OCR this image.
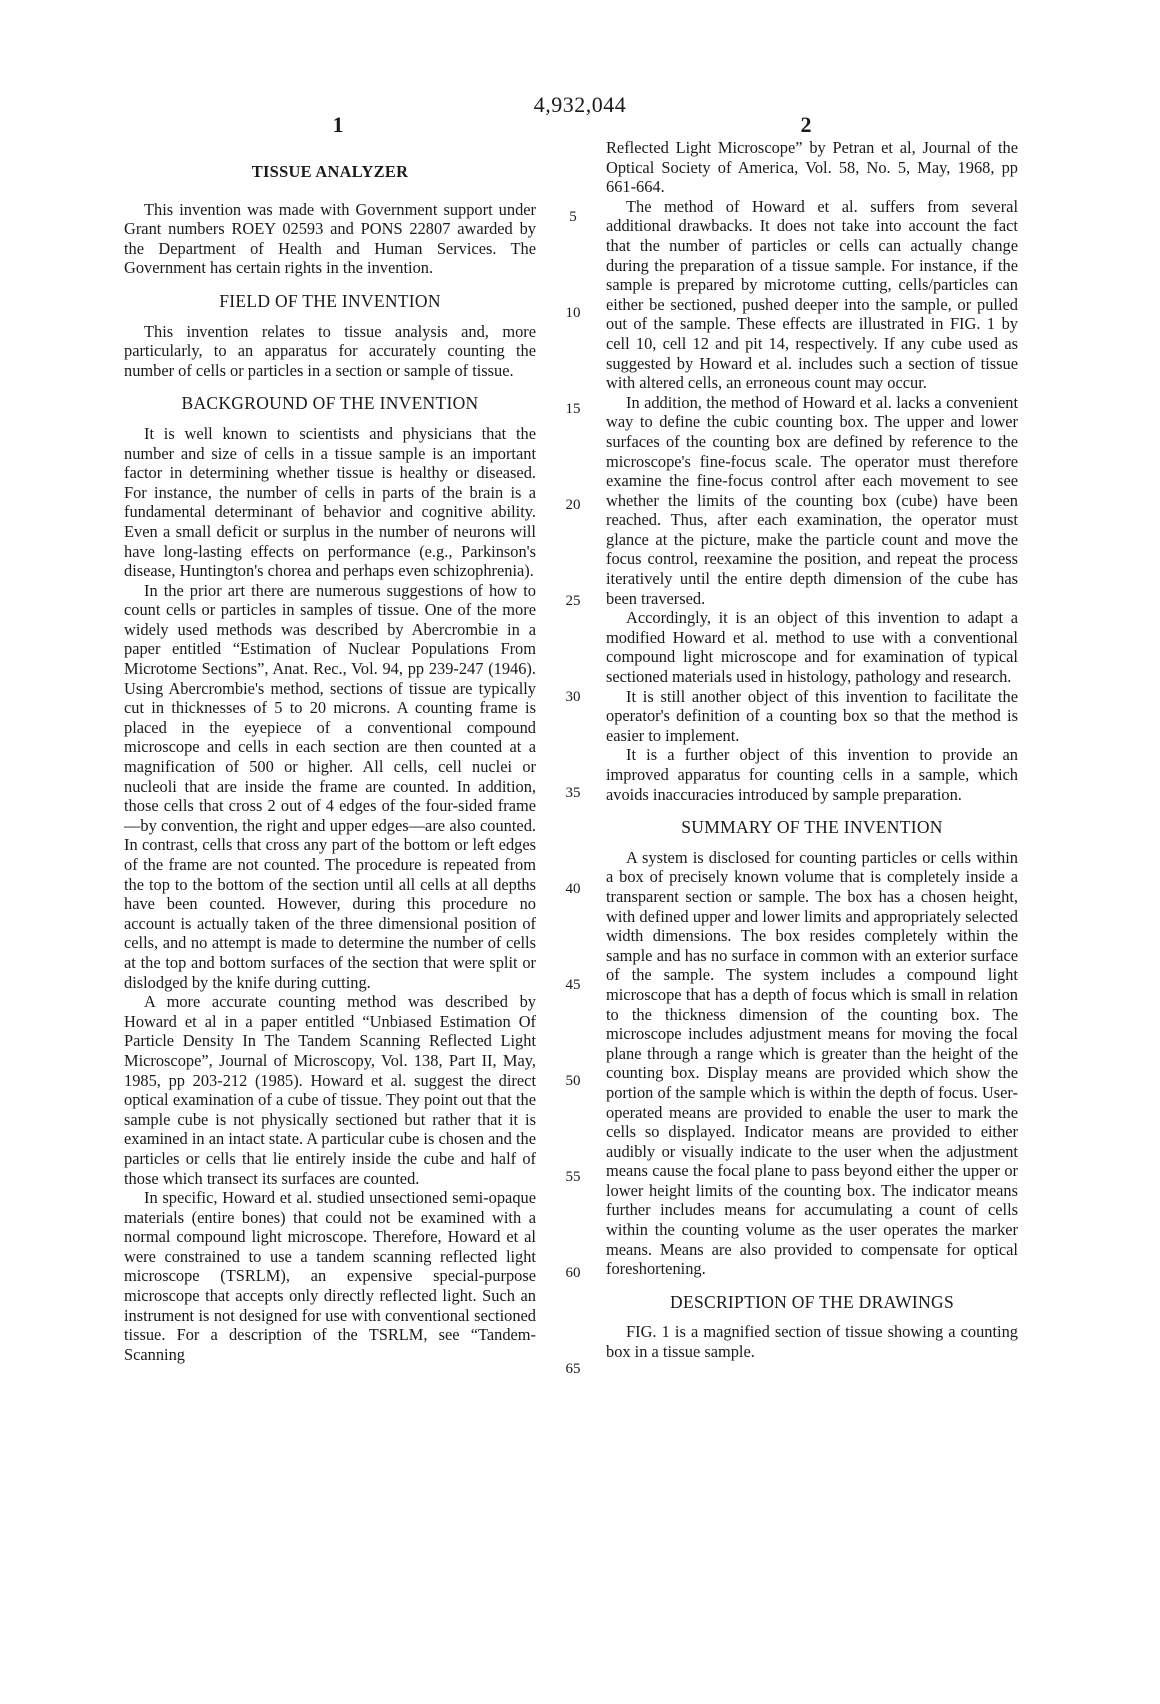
4,932,044
1	2
TISSUE ANALYZER

This invention was made with Government support under Grant numbers ROEY 02593 and PONS 22807 awarded by the Department of Health and Human Services. The Government has certain rights in the invention.

FIELD OF THE INVENTION

This invention relates to tissue analysis and, more particularly, to an apparatus for accurately counting the number of cells or particles in a section or sample of tissue.

BACKGROUND OF THE INVENTION

It is well known to scientists and physicians that the number and size of cells in a tissue sample is an important factor in determining whether tissue is healthy or diseased. For instance, the number of cells in parts of the brain is a fundamental determinant of behavior and cognitive ability. Even a small deficit or surplus in the number of neurons will have long-lasting effects on performance (e.g., Parkinson's disease, Huntington's chorea and perhaps even schizophrenia).

In the prior art there are numerous suggestions of how to count cells or particles in samples of tissue. One of the more widely used methods was described by Abercrombie in a paper entitled “Estimation of Nuclear Populations From Microtome Sections”, Anat. Rec., Vol. 94, pp 239-247 (1946). Using Abercrombie's method, sections of tissue are typically cut in thicknesses of 5 to 20 microns. A counting frame is placed in the eyepiece of a conventional compound microscope and cells in each section are then counted at a magnification of 500 or higher. All cells, cell nuclei or nucleoli that are inside the frame are counted. In addition, those cells that cross 2 out of 4 edges of the four-sided frame—by convention, the right and upper edges—are also counted. In contrast, cells that cross any part of the bottom or left edges of the frame are not counted. The procedure is repeated from the top to the bottom of the section until all cells at all depths have been counted. However, during this procedure no account is actually taken of the three dimensional position of cells, and no attempt is made to determine the number of cells at the top and bottom surfaces of the section that were split or dislodged by the knife during cutting.

A more accurate counting method was described by Howard et al in a paper entitled “Unbiased Estimation Of Particle Density In The Tandem Scanning Reflected Light Microscope”, Journal of Microscopy, Vol. 138, Part II, May, 1985, pp 203-212 (1985). Howard et al. suggest the direct optical examination of a cube of tissue. They point out that the sample cube is not physically sectioned but rather that it is examined in an intact state. A particular cube is chosen and the particles or cells that lie entirely inside the cube and half of those which transect its surfaces are counted.

In specific, Howard et al. studied unsectioned semi-opaque materials (entire bones) that could not be examined with a normal compound light microscope. Therefore, Howard et al were constrained to use a tandem scanning reflected light microscope (TSRLM), an expensive special-purpose microscope that accepts only directly reflected light. Such an instrument is not designed for use with conventional sectioned tissue. For a description of the TSRLM, see “Tandem-Scanning

Reflected Light Microscope” by Petran et al, Journal of the Optical Society of America, Vol. 58, No. 5, May, 1968, pp 661-664.

The method of Howard et al. suffers from several additional drawbacks. It does not take into account the fact that the number of particles or cells can actually change during the preparation of a tissue sample. For instance, if the sample is prepared by microtome cutting, cells/particles can either be sectioned, pushed deeper into the sample, or pulled out of the sample. These effects are illustrated in FIG. 1 by cell 10, cell 12 and pit 14, respectively. If any cube used as suggested by Howard et al. includes such a section of tissue with altered cells, an erroneous count may occur.

In addition, the method of Howard et al. lacks a convenient way to define the cubic counting box. The upper and lower surfaces of the counting box are defined by reference to the microscope's fine-focus scale. The operator must therefore examine the fine-focus control after each movement to see whether the limits of the counting box (cube) have been reached. Thus, after each examination, the operator must glance at the picture, make the particle count and move the focus control, reexamine the position, and repeat the process iteratively until the entire depth dimension of the cube has been traversed.

Accordingly, it is an object of this invention to adapt a modified Howard et al. method to use with a conventional compound light microscope and for examination of typical sectioned materials used in histology, pathology and research.

It is still another object of this invention to facilitate the operator's definition of a counting box so that the method is easier to implement.

It is a further object of this invention to provide an improved apparatus for counting cells in a sample, which avoids inaccuracies introduced by sample preparation.

SUMMARY OF THE INVENTION

A system is disclosed for counting particles or cells within a box of precisely known volume that is completely inside a transparent section or sample. The box has a chosen height, with defined upper and lower limits and appropriately selected width dimensions. The box resides completely within the sample and has no surface in common with an exterior surface of the sample. The system includes a compound light microscope that has a depth of focus which is small in relation to the thickness dimension of the counting box. The microscope includes adjustment means for moving the focal plane through a range which is greater than the height of the counting box. Display means are provided which show the portion of the sample which is within the depth of focus. User-operated means are provided to enable the user to mark the cells so displayed. Indicator means are provided to either audibly or visually indicate to the user when the adjustment means cause the focal plane to pass beyond either the upper or lower height limits of the counting box. The indicator means further includes means for accumulating a count of cells within the counting volume as the user operates the marker means. Means are also provided to compensate for optical foreshortening.

DESCRIPTION OF THE DRAWINGS

FIG. 1 is a magnified section of tissue showing a counting box in a tissue sample.

5
10
15
20
25
30
35
40
45
50
55
60
65
